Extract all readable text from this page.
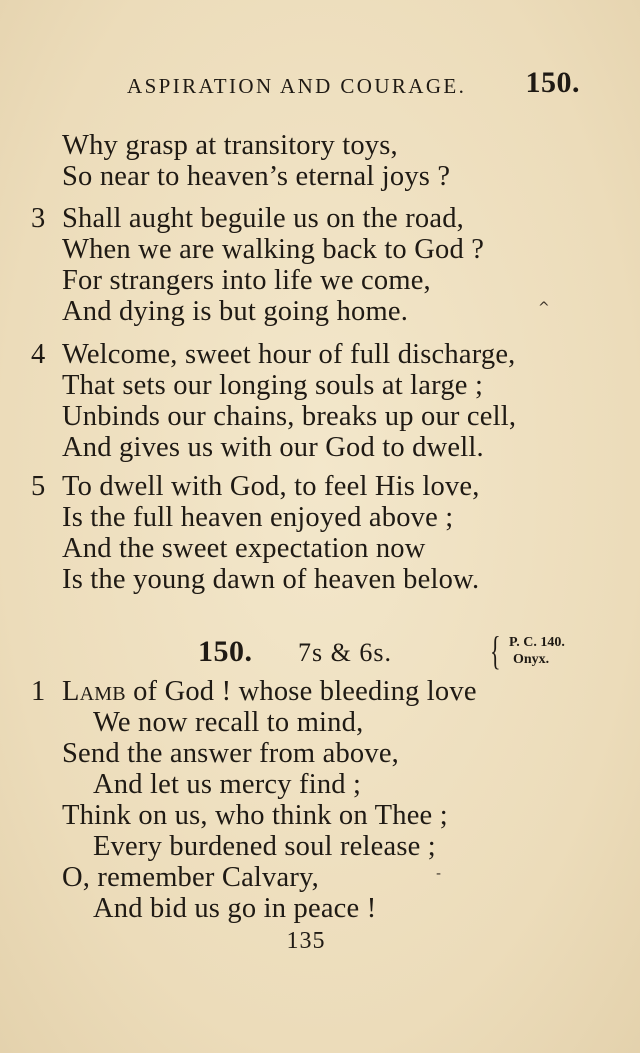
ASPIRATION AND COURAGE. 150.
Why grasp at transitory toys,
So near to heaven’s eternal joys ?
3 Shall aught beguile us on the road,
When we are walking back to God ?
For strangers into life we come,
And dying is but going home.
4 Welcome, sweet hour of full discharge,
That sets our longing souls at large ;
Unbinds our chains, breaks up our cell,
And gives us with our God to dwell.
5 To dwell with God, to feel His love,
Is the full heaven enjoyed above ;
And the sweet expectation now
Is the young dawn of heaven below.
150. 7s & 6s. { P. C. 140.
Onyx.
1 Lamb of God ! whose bleeding love
We now recall to mind,
Send the answer from above,
And let us mercy find ;
Think on us, who think on Thee ;
Every burdened soul release ;
O, remember Calvary,
And bid us go in peace !
135
^
-
